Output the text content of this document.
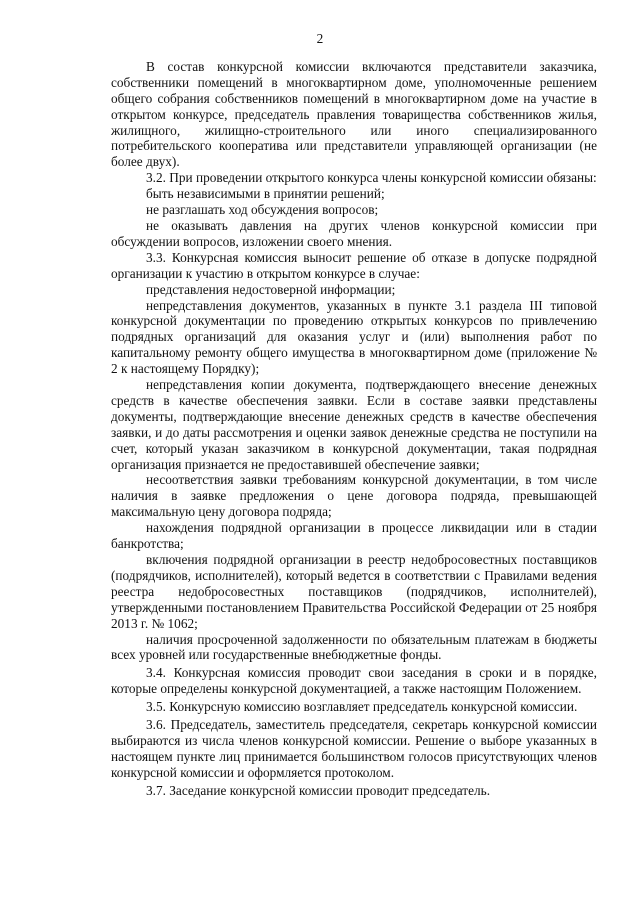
2

В состав конкурсной комиссии включаются представители заказчика, собственники помещений в многоквартирном доме, уполномоченные решением общего собрания собственников помещений в многоквартирном доме на участие в открытом конкурсе, председатель правления товарищества собственников жилья, жилищного, жилищно-строительного или иного специализированного потребительского кооператива или представители управляющей организации (не более двух).

3.2. При проведении открытого конкурса члены конкурсной комиссии обязаны:

быть независимыми в принятии решений;

не разглашать ход обсуждения вопросов;

не оказывать давления на других членов конкурсной комиссии при обсуждении вопросов, изложении своего мнения.

3.3. Конкурсная комиссия выносит решение об отказе в допуске подрядной организации к участию в открытом конкурсе в случае:

представления недостоверной информации;

непредставления документов, указанных в пункте 3.1 раздела III типовой конкурсной документации по проведению открытых конкурсов по привлечению подрядных организаций для оказания услуг и (или) выполнения работ по капитальному ремонту общего имущества в многоквартирном доме (приложение № 2 к настоящему Порядку);

непредставления копии документа, подтверждающего внесение денежных средств в качестве обеспечения заявки. Если в составе заявки представлены документы, подтверждающие внесение денежных средств в качестве обеспечения заявки, и до даты рассмотрения и оценки заявок денежные средства не поступили на счет, который указан заказчиком в конкурсной документации, такая подрядная организация признается не предоставившей обеспечение заявки;

несоответствия заявки требованиям конкурсной документации, в том числе наличия в заявке предложения о цене договора подряда, превышающей максимальную цену договора подряда;

нахождения подрядной организации в процессе ликвидации или в стадии банкротства;

включения подрядной организации в реестр недобросовестных поставщиков (подрядчиков, исполнителей), который ведется в соответствии с Правилами ведения реестра недобросовестных поставщиков (подрядчиков, исполнителей), утвержденными постановлением Правительства Российской Федерации от 25 ноября 2013 г. № 1062;

наличия просроченной задолженности по обязательным платежам в бюджеты всех уровней или государственные внебюджетные фонды.

3.4. Конкурсная комиссия проводит свои заседания в сроки и в порядке, которые определены конкурсной документацией, а также настоящим Положением.

3.5. Конкурсную комиссию возглавляет председатель конкурсной комиссии.

3.6. Председатель, заместитель председателя, секретарь конкурсной комиссии выбираются из числа членов конкурсной комиссии. Решение о выборе указанных в настоящем пункте лиц принимается большинством голосов присутствующих членов конкурсной комиссии и оформляется протоколом.

3.7. Заседание конкурсной комиссии проводит председатель.
